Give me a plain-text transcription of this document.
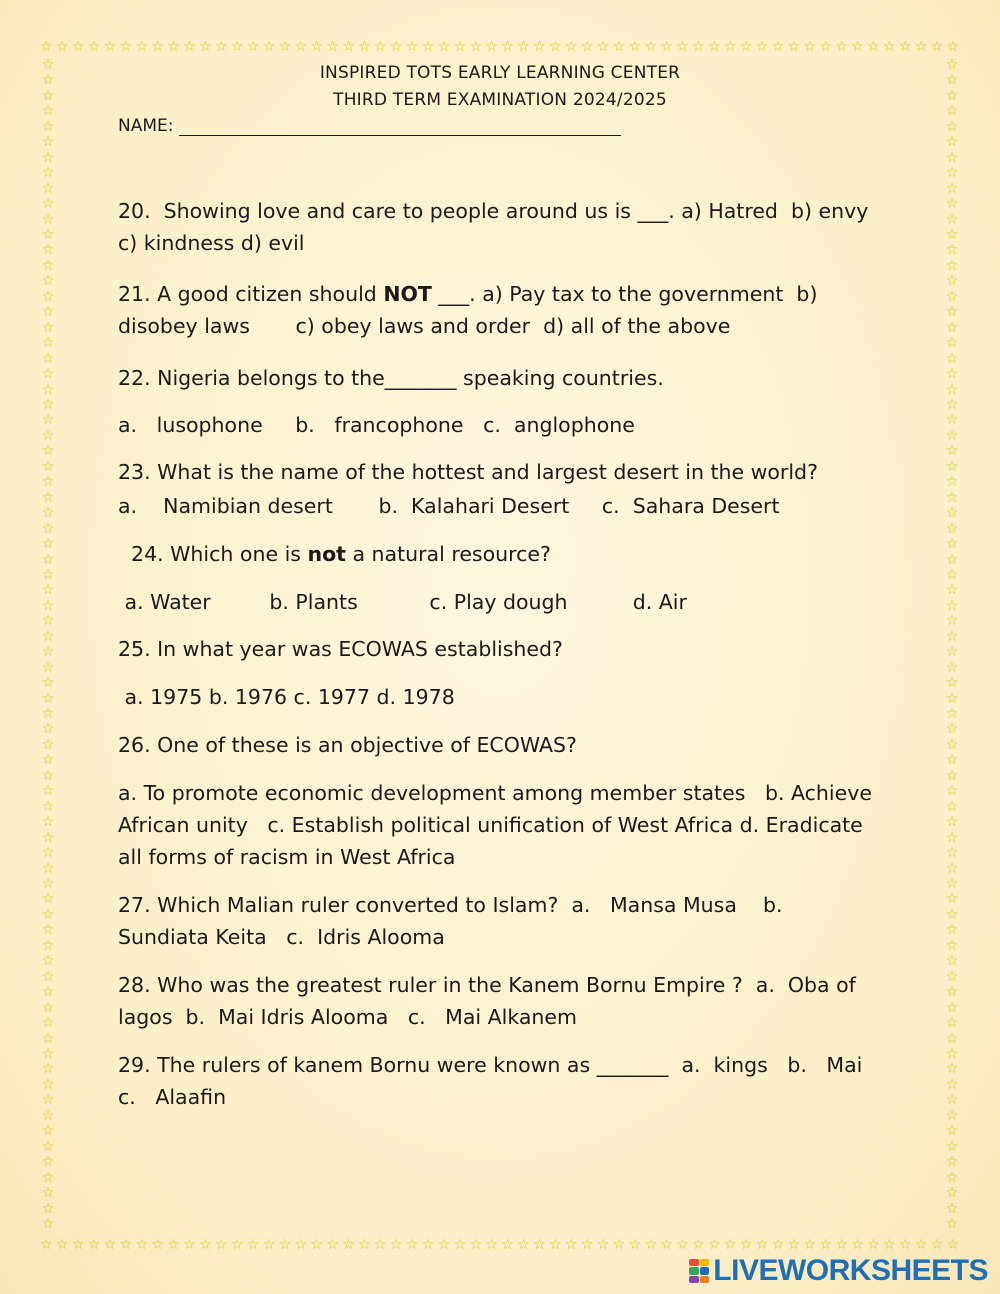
☆ ☆ ☆ ☆ ☆ ☆ ☆ ☆ ☆ ☆ ☆ ☆ ☆ ☆ ☆ ☆ ☆ ☆ ☆ ☆ ☆ ☆ ☆ ☆ ☆ ☆ ☆ ☆ ☆ ☆ ☆ ☆ ☆ ☆ ☆ ☆ ☆ ☆ ☆ ☆ ☆ ☆ ☆ ☆ ☆ ☆ ☆ ☆ ☆ ☆ ☆ ☆ ☆ ☆ ☆ ☆ ☆ ☆
☆ ☆ ☆ ☆ ☆ ☆ ☆ ☆ ☆ ☆ ☆ ☆ ☆ ☆ ☆ ☆ ☆ ☆ ☆ ☆ ☆ ☆ ☆ ☆ ☆ ☆ ☆ ☆ ☆ ☆ ☆ ☆ ☆ ☆ ☆ ☆ ☆ ☆ ☆ ☆ ☆ ☆ ☆ ☆ ☆ ☆ ☆ ☆ ☆ ☆ ☆ ☆ ☆ ☆ ☆ ☆ ☆ ☆
☆
☆
☆
☆
☆
☆
☆
☆
☆
☆
☆
☆
☆
☆
☆
☆
☆
☆
☆
☆
☆
☆
☆
☆
☆
☆
☆
☆
☆
☆
☆
☆
☆
☆
☆
☆
☆
☆
☆
☆
☆
☆
☆
☆
☆
☆
☆
☆
☆
☆
☆
☆
☆
☆
☆
☆
☆
☆
☆
☆
☆
☆
☆
☆
☆
☆
☆
☆
☆
☆
☆
☆
☆
☆
☆
☆
☆
☆
☆
☆
☆
☆
☆
☆
☆
☆
☆
☆
☆
☆
☆
☆
☆
☆
☆
☆
☆
☆
☆
☆
☆
☆
☆
☆
☆
☆
☆
☆
☆
☆
☆
☆
☆
☆
☆
☆
☆
☆
☆
☆
☆
☆
☆
☆
☆
☆
☆
☆
☆
☆
☆
☆
☆
☆
☆
☆
☆
☆
☆
☆
☆
☆
☆
☆
☆
☆
☆
☆
☆
☆
☆
☆
INSPIRED TOTS EARLY LEARNING CENTER
THIRD TERM EXAMINATION 2024/2025
NAME:
20.  Showing love and care to people around us is ___. a) Hatred  b) envy  c) kindness d) evil
21. A good citizen should NOT ___. a) Pay tax to the government  b) disobey laws       c) obey laws and order  d) all of the above
22. Nigeria belongs to the_______ speaking countries.
a.   lusophone     b.   francophone   c.  anglophone
23. What is the name of the hottest and largest desert in the world?
a.    Namibian desert       b.  Kalahari Desert     c.  Sahara Desert
24. Which one is not a natural resource?
a. Water         b. Plants           c. Play dough          d. Air
25. In what year was ECOWAS established?
a. 1975 b. 1976 c. 1977 d. 1978
26. One of these is an objective of ECOWAS?
a. To promote economic development among member states   b. Achieve African unity   c. Establish political unification of West Africa d. Eradicate all forms of racism in West Africa
27. Which Malian ruler converted to Islam?  a.   Mansa Musa    b.   Sundiata Keita   c.  Idris Alooma
28. Who was the greatest ruler in the Kanem Bornu Empire ?  a.  Oba of lagos  b.  Mai Idris Alooma   c.   Mai Alkanem
29. The rulers of kanem Bornu were known as _______  a.  kings   b.   Mai   c.   Alaafin
LIVEWORKSHEETS
